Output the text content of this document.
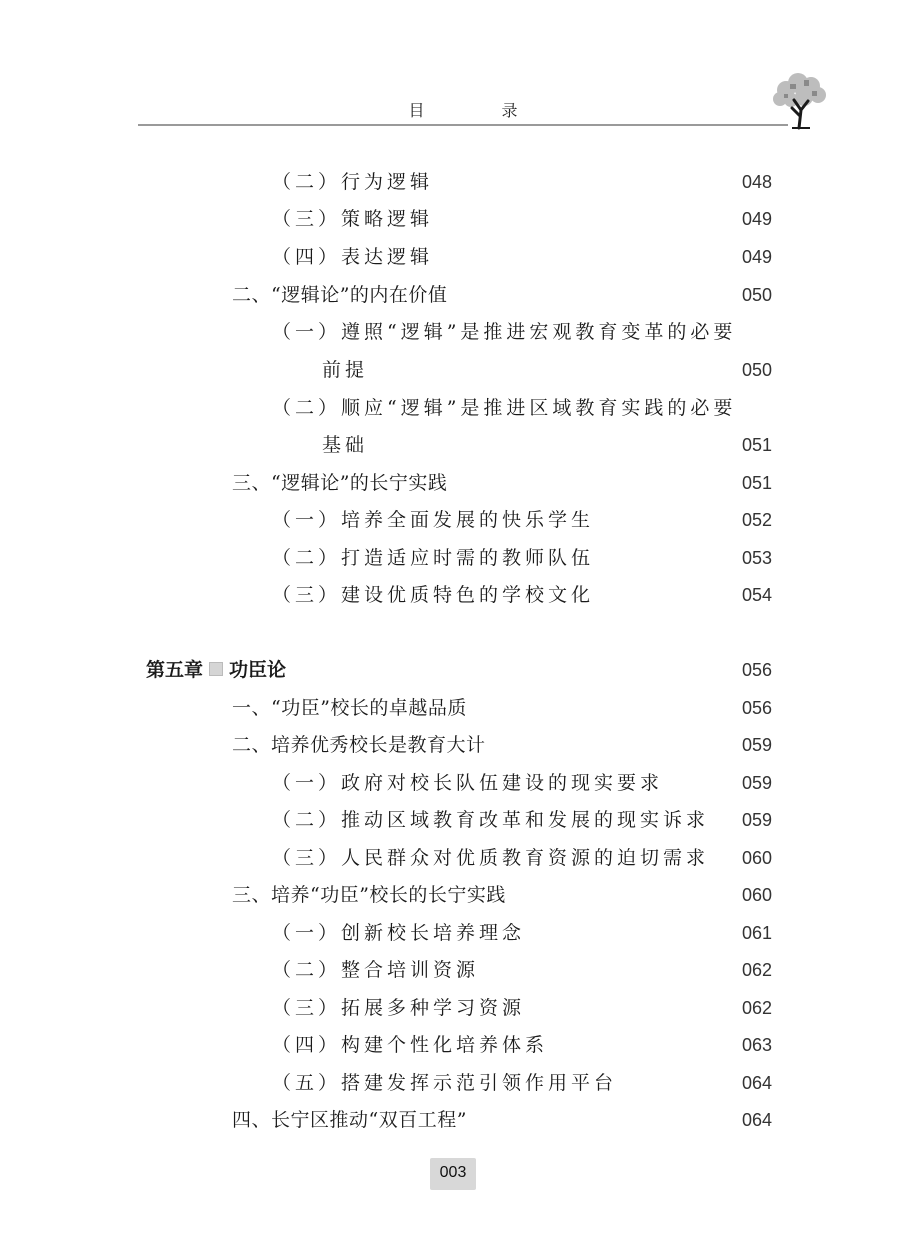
目 录
（二）行为逻辑	048
（三）策略逻辑	049
（四）表达逻辑	049
二、“逻辑论”的内在价值	050
（一）遵照“逻辑”是推进宏观教育变革的必要
前提	050
（二）顺应“逻辑”是推进区域教育实践的必要
基础	051
三、“逻辑论”的长宁实践	051
（一）培养全面发展的快乐学生	052
（二）打造适应时需的教师队伍	053
（三）建设优质特色的学校文化	054
第五章 功臣论	056
一、“功臣”校长的卓越品质	056
二、培养优秀校长是教育大计	059
（一）政府对校长队伍建设的现实要求	059
（二）推动区域教育改革和发展的现实诉求	059
（三）人民群众对优质教育资源的迫切需求	060
三、培养“功臣”校长的长宁实践	060
（一）创新校长培养理念	061
（二）整合培训资源	062
（三）拓展多种学习资源	062
（四）构建个性化培养体系	063
（五）搭建发挥示范引领作用平台	064
四、长宁区推动“双百工程”	064
003
